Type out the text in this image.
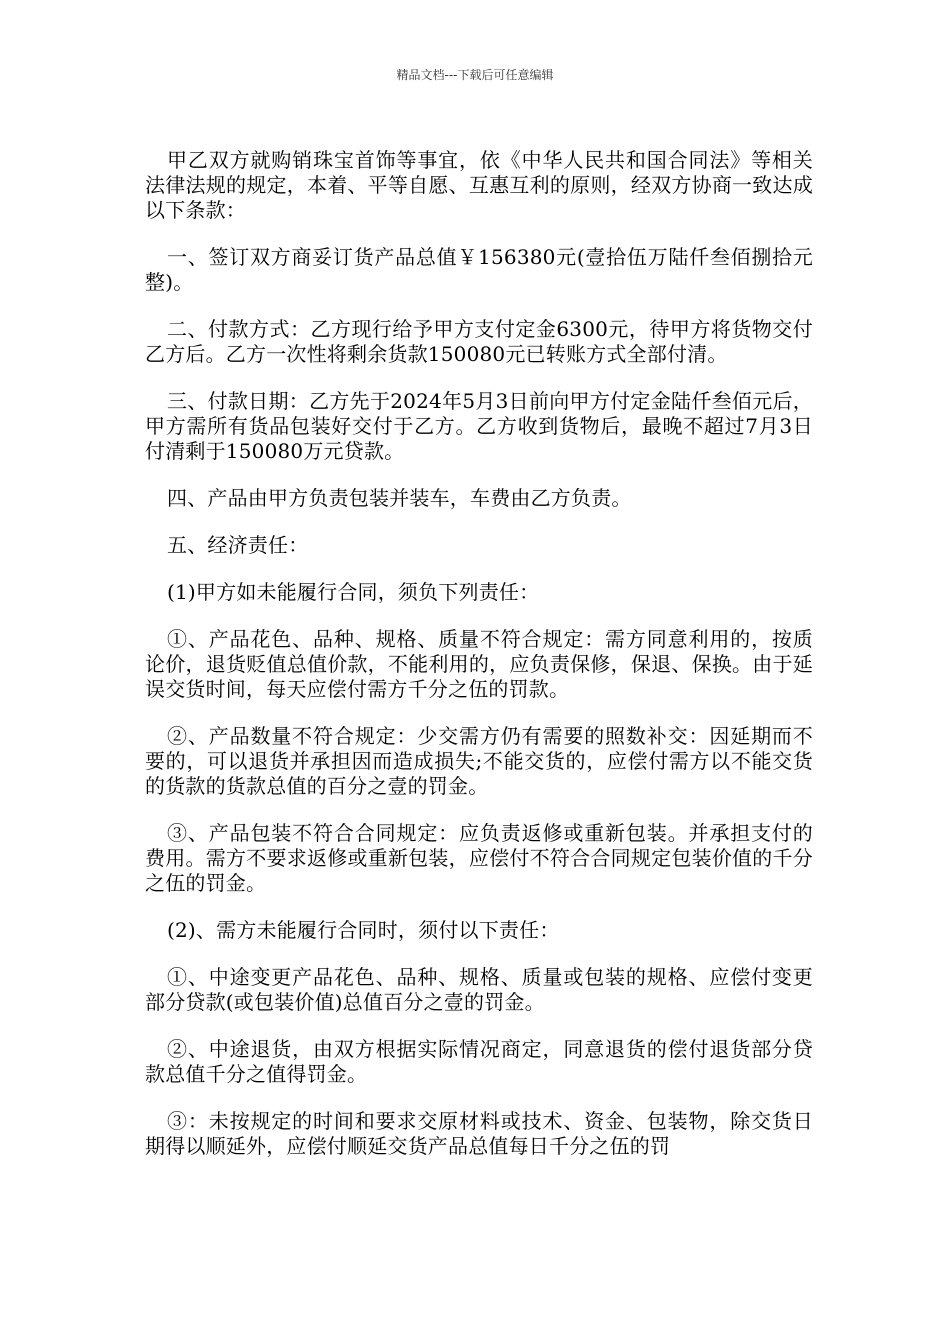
精品文档---下载后可任意编辑

甲乙双方就购销珠宝首饰等事宜，依《中华人民共和国合同法》等相关法律法规的规定，本着、平等自愿、互惠互利的原则，经双方协商一致达成以下条款：

一、签订双方商妥订货产品总值￥156380元(壹拾伍万陆仟叁佰捌拾元整)。

二、付款方式：乙方现行给予甲方支付定金6300元，待甲方将货物交付乙方后。乙方一次性将剩余货款150080元已转账方式全部付清。

三、付款日期：乙方先于2024年5月3日前向甲方付定金陆仟叁佰元后，甲方需所有货品包装好交付于乙方。乙方收到货物后，最晚不超过7月3日付清剩于150080万元贷款。

四、产品由甲方负责包装并装车，车费由乙方负责。

五、经济责任：

(1)甲方如未能履行合同，须负下列责任：

①、产品花色、品种、规格、质量不符合规定：需方同意利用的，按质论价，退货贬值总值价款，不能利用的，应负责保修，保退、保换。由于延误交货时间，每天应偿付需方千分之伍的罚款。

②、产品数量不符合规定：少交需方仍有需要的照数补交：因延期而不要的，可以退货并承担因而造成损失;不能交货的，应偿付需方以不能交货的货款的货款总值的百分之壹的罚金。

③、产品包装不符合合同规定：应负责返修或重新包装。并承担支付的费用。需方不要求返修或重新包装，应偿付不符合合同规定包装价值的千分之伍的罚金。

(2)、需方未能履行合同时，须付以下责任：

①、中途变更产品花色、品种、规格、质量或包装的规格、应偿付变更部分贷款(或包装价值)总值百分之壹的罚金。

②、中途退货，由双方根据实际情况商定，同意退货的偿付退货部分贷款总值千分之值得罚金。

③：未按规定的时间和要求交原材料或技术、资金、包装物，除交货日期得以顺延外，应偿付顺延交货产品总值每日千分之伍的罚
